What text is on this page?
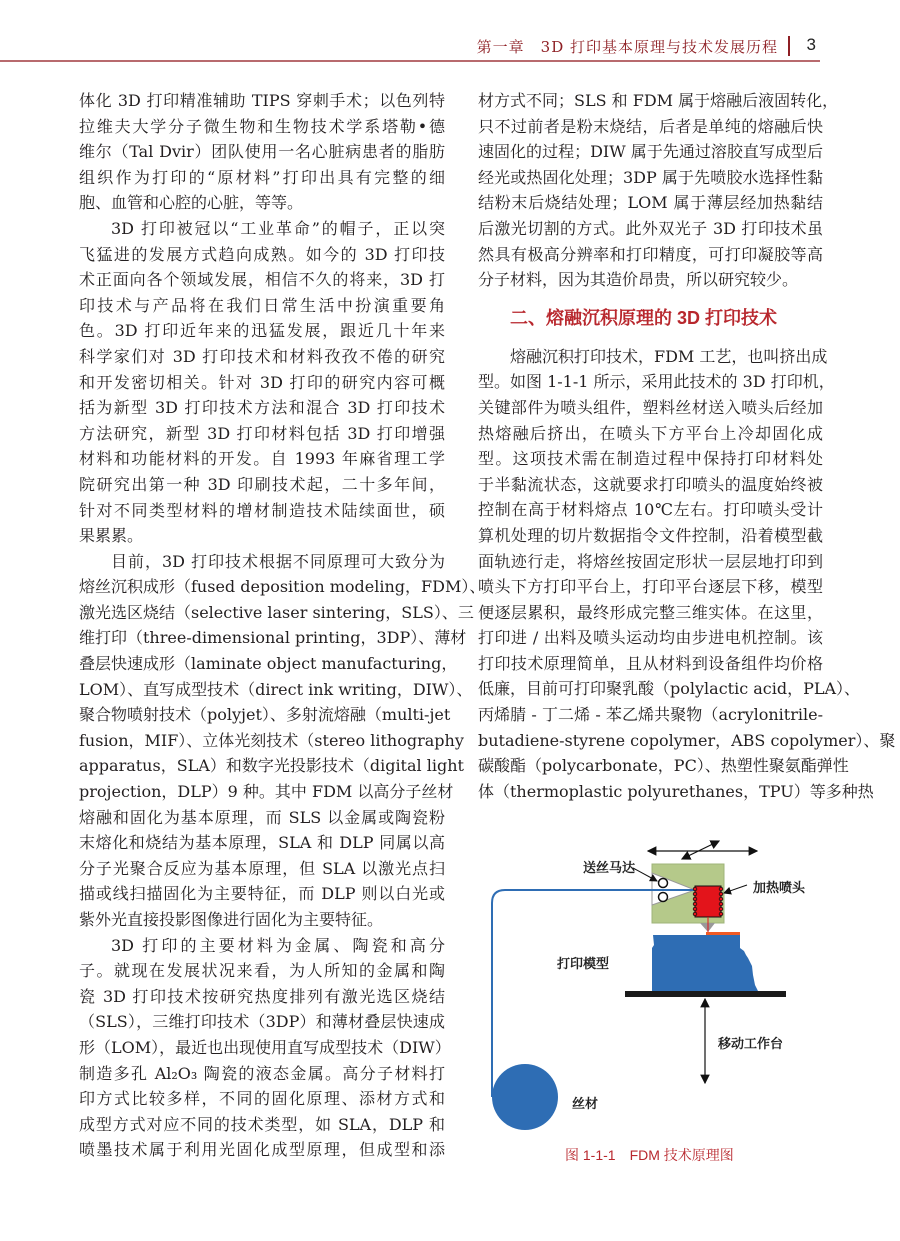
第一章　3D 打印基本原理与技术发展历程 3
体化 3D 打印精准辅助 TIPS 穿刺手术；以色列特
拉维夫大学分子微生物和生物技术学系塔勒•德
维尔（Tal Dvir）团队使用一名心脏病患者的脂肪
组织作为打印的“原材料”打印出具有完整的细
胞、血管和心腔的心脏，等等。
3D 打印被冠以“工业革命”的帽子，正以突
飞猛进的发展方式趋向成熟。如今的 3D 打印技
术正面向各个领域发展，相信不久的将来，3D 打
印技术与产品将在我们日常生活中扮演重要角
色。3D 打印近年来的迅猛发展，跟近几十年来
科学家们对 3D 打印技术和材料孜孜不倦的研究
和开发密切相关。针对 3D 打印的研究内容可概
括为新型 3D 打印技术方法和混合 3D 打印技术
方法研究，新型 3D 打印材料包括 3D 打印增强
材料和功能材料的开发。自 1993 年麻省理工学
院研究出第一种 3D 印刷技术起，二十多年间，
针对不同类型材料的增材制造技术陆续面世，硕
果累累。
目前，3D 打印技术根据不同原理可大致分为
熔丝沉积成形（fused deposition modeling，FDM）、
激光选区烧结（selective laser sintering，SLS）、三
维打印（three-dimensional printing，3DP）、薄材
叠层快速成形（laminate object manufacturing，
LOM）、直写成型技术（direct ink writing，DIW）、
聚合物喷射技术（polyjet）、多射流熔融（multi-jet
fusion，MIF）、立体光刻技术（stereo lithography
apparatus，SLA）和数字光投影技术（digital light
projection，DLP）9 种。其中 FDM 以高分子丝材
熔融和固化为基本原理，而 SLS 以金属或陶瓷粉
末熔化和烧结为基本原理，SLA 和 DLP 同属以高
分子光聚合反应为基本原理，但 SLA 以激光点扫
描或线扫描固化为主要特征，而 DLP 则以白光或
紫外光直接投影图像进行固化为主要特征。
3D 打印的主要材料为金属、陶瓷和高分
子。就现在发展状况来看，为人所知的金属和陶
瓷 3D 打印技术按研究热度排列有激光选区烧结
（SLS），三维打印技术（3DP）和薄材叠层快速成
形（LOM），最近也出现使用直写成型技术（DIW）
制造多孔 Al₂O₃ 陶瓷的液态金属。高分子材料打
印方式比较多样，不同的固化原理、添材方式和
成型方式对应不同的技术类型，如 SLA，DLP 和
喷墨技术属于利用光固化成型原理，但成型和添
材方式不同；SLS 和 FDM 属于熔融后液固转化，
只不过前者是粉末烧结，后者是单纯的熔融后快
速固化的过程；DIW 属于先通过溶胶直写成型后
经光或热固化处理；3DP 属于先喷胶水选择性黏
结粉末后烧结处理；LOM 属于薄层经加热黏结
后激光切割的方式。此外双光子 3D 打印技术虽
然具有极高分辨率和打印精度，可打印凝胶等高
分子材料，因为其造价昂贵，所以研究较少。
二、熔融沉积原理的 3D 打印技术
熔融沉积打印技术，FDM 工艺，也叫挤出成
型。如图 1-1-1 所示，采用此技术的 3D 打印机，
关键部件为喷头组件，塑料丝材送入喷头后经加
热熔融后挤出，在喷头下方平台上冷却固化成
型。这项技术需在制造过程中保持打印材料处
于半黏流状态，这就要求打印喷头的温度始终被
控制在高于材料熔点 10℃左右。打印喷头受计
算机处理的切片数据指令文件控制，沿着模型截
面轨迹行走，将熔丝按固定形状一层层地打印到
喷头下方打印平台上，打印平台逐层下移，模型
便逐层累积，最终形成完整三维实体。在这里，
打印进 / 出料及喷头运动均由步进电机控制。该
打印技术原理简单，且从材料到设备组件均价格
低廉，目前可打印聚乳酸（polylactic acid，PLA）、
丙烯腈 - 丁二烯 - 苯乙烯共聚物（acrylonitrile-
butadiene-styrene copolymer，ABS copolymer）、聚
碳酸酯（polycarbonate，PC）、热塑性聚氨酯弹性
体（thermoplastic polyurethanes，TPU）等多种热
送丝马达
加热喷头
打印模型
移动工作台
丝材
图 1-1-1　FDM 技术原理图
